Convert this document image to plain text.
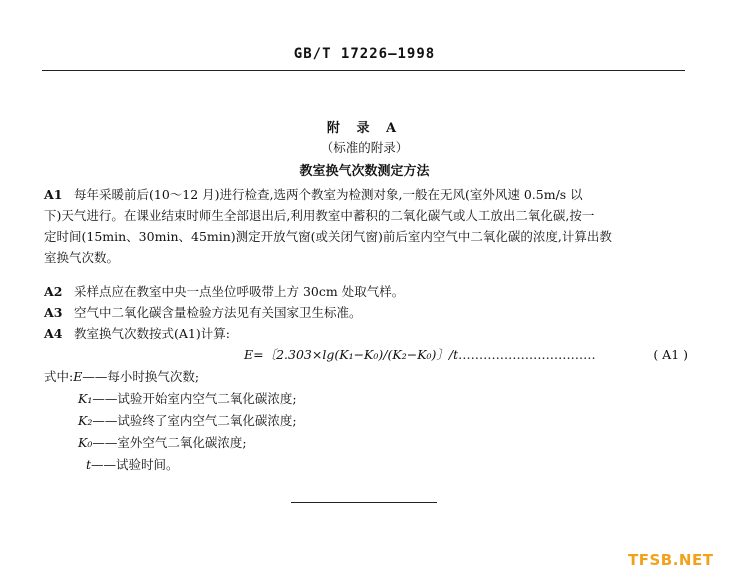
GB/T 17226—1998
附 录 A
（标准的附录）
教室换气次数测定方法
A1 每年采暖前后(10～12 月)进行检查,选两个教室为检测对象,一般在无风(室外风速 0.5m/s 以
下)天气进行。在课业结束时师生全部退出后,利用教室中蓄积的二氧化碳气或人工放出二氧化碳,按一
定时间(15min、30min、45min)测定开放气窗(或关闭气窗)前后室内空气中二氧化碳的浓度,计算出教
室换气次数。
A2 采样点应在教室中央一点坐位呼吸带上方 30cm 处取气样。
A3 空气中二氧化碳含量检验方法见有关国家卫生标准。
A4 教室换气次数按式(A1)计算:
E=〔2.303×lg(K₁−K₀)/(K₂−K₀)〕/t……………………………	( A1 )
式中:E——每小时换气次数;
K₁——试验开始室内空气二氧化碳浓度;
K₂——试验终了室内空气二氧化碳浓度;
K₀——室外空气二氧化碳浓度;
t——试验时间。
TFSB.NET
